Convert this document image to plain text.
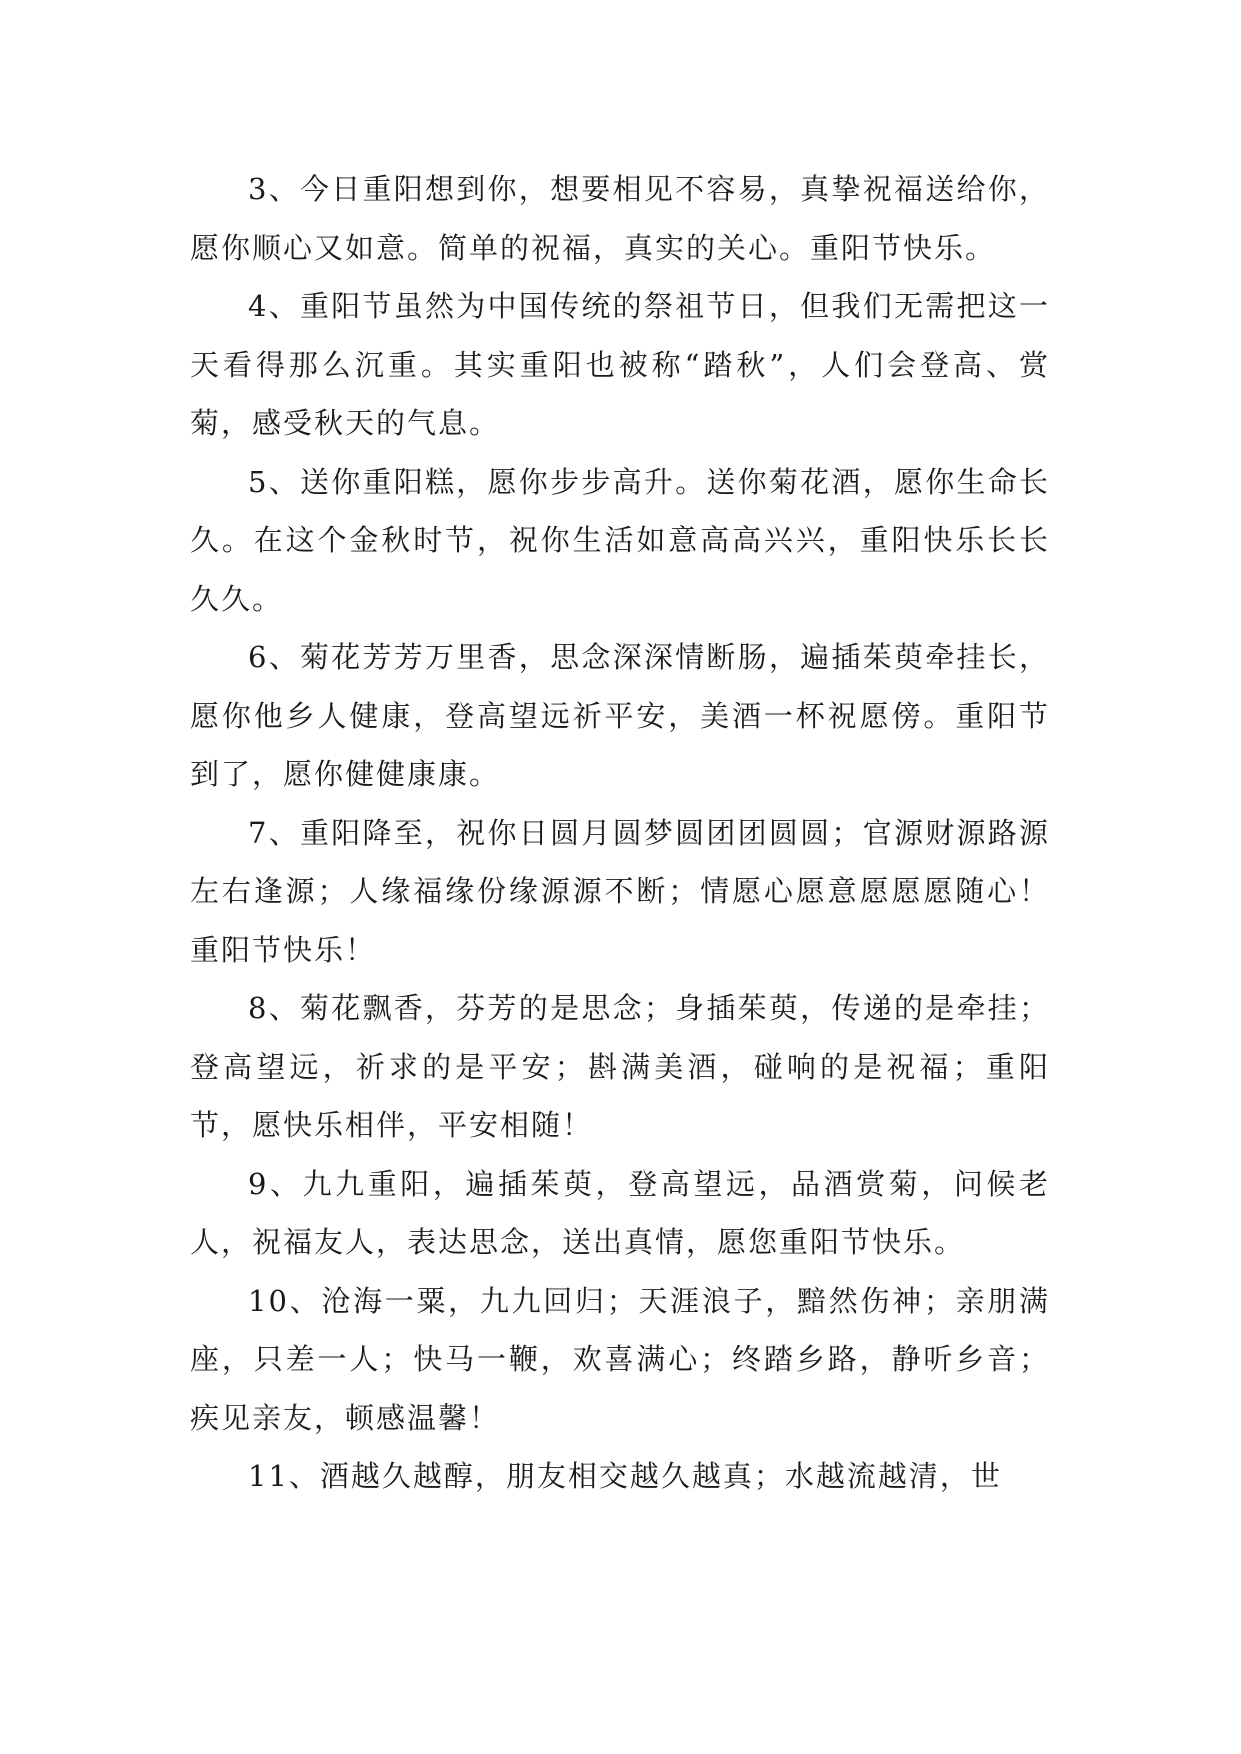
3、今日重阳想到你，想要相见不容易，真挚祝福送给你，愿你顺心又如意。简单的祝福，真实的关心。重阳节快乐。

4、重阳节虽然为中国传统的祭祖节日，但我们无需把这一天看得那么沉重。其实重阳也被称“踏秋”，人们会登高、赏菊，感受秋天的气息。

5、送你重阳糕，愿你步步高升。送你菊花酒，愿你生命长久。在这个金秋时节，祝你生活如意高高兴兴，重阳快乐长长久久。

6、菊花芳芳万里香，思念深深情断肠，遍插茱萸牵挂长，愿你他乡人健康，登高望远祈平安，美酒一杯祝愿傍。重阳节到了，愿你健健康康。

7、重阳降至，祝你日圆月圆梦圆团团圆圆；官源财源路源左右逢源；人缘福缘份缘源源不断；情愿心愿意愿愿愿随心！重阳节快乐！

8、菊花飘香，芬芳的是思念；身插茱萸，传递的是牵挂；登高望远，祈求的是平安；斟满美酒，碰响的是祝福；重阳节，愿快乐相伴，平安相随！

9、九九重阳，遍插茱萸，登高望远，品酒赏菊，问候老人，祝福友人，表达思念，送出真情，愿您重阳节快乐。

10、沧海一粟，九九回归；天涯浪子，黯然伤神；亲朋满座，只差一人；快马一鞭，欢喜满心；终踏乡路，静听乡音；疾见亲友，顿感温馨！

11、酒越久越醇，朋友相交越久越真；水越流越清，世
